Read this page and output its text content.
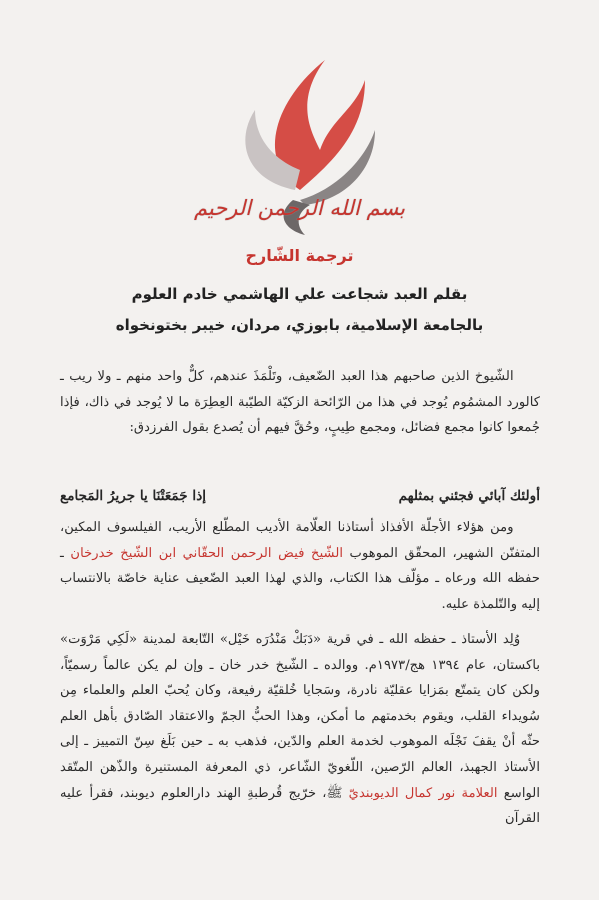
بسم الله الرحمن الرحيم
ترجمة الشّارح
بقلم العبد شجاعت علي الهاشمي خادم العلوم
بالجامعة الإسلامية، بابوزي، مردان، خيبر بختونخواه
الشّيوخ الذين صاحبهم هذا العبد الضّعيف، وتَلْمَذَ عندهم، كلٌّ واحد منهم ـ ولا ريب ـ كالورد المشمُوم يُوجد في هذا من الرّائحة الزكيّة الطيّبة العِطِرَة ما لا يُوجد في ذاك، فإذا جُمعوا كانوا مجمع فضائل، ومجمع طِيبٍ، وحُقَّ فيهم أن يُصدع بقول الفرزدق:
أولئك آبائي فجئني بمثلهم
إذا جَمَعَتْنَا يا جريرُ المَجامع
ومن هؤلاء الأجلّة الأفذاذ أستاذنا العلّامة الأديب المطّلع الأريب، الفيلسوف المكين، المتفنّن الشهير، المحقّق الموهوب الشّيخ فيض الرحمن الحقّاني ابن الشّيخ خدرخان ـ حفظه الله ورعاه ـ مؤلّف هذا الكتاب، والذي لهذا العبد الضّعيف عناية خاصّة بالانتساب إليه والتّلمذة عليه.
وُلِد الأستاذ ـ حفظه الله ـ في قرية «دَبَكْ مَنْدُرَه خَيْل» التّابعة لمدينة «لَكِي مَرْوَت» باكستان، عام ١٣٩٤ هج/١٩٧٣م. ووالده ـ الشّيخ خدر خان ـ وإن لم يكن عالماً رسميّاً، ولكن كان يتمتّع بمَزايا عقليّة نادرة، وسَجايا خُلقيّة رفيعة، وكان يُحبّ العلم والعلماء مِن سُويداء القلب، ويقوم بخدمتهم ما أمكن، وهذا الحبُّ الجمّ والاعتقاد الصّادق بأهل العلم حثّه أنْ يقفَ نَجْلَه الموهوب لخدمة العلم والدّين، فذهب به ـ حين بَلَغ سِنّ التمييز ـ إلى الأستاذ الجهبذ، العالم الرّصين، اللّغويّ الشّاعر، ذي المعرفة المستنيرة والذّهن المتّقد الواسع العلامة نور كمال الديوبنديّ ﷺ، خرّيج قُرطبةِ الهند دارالعلوم ديوبند، فقرأ عليه القرآن
